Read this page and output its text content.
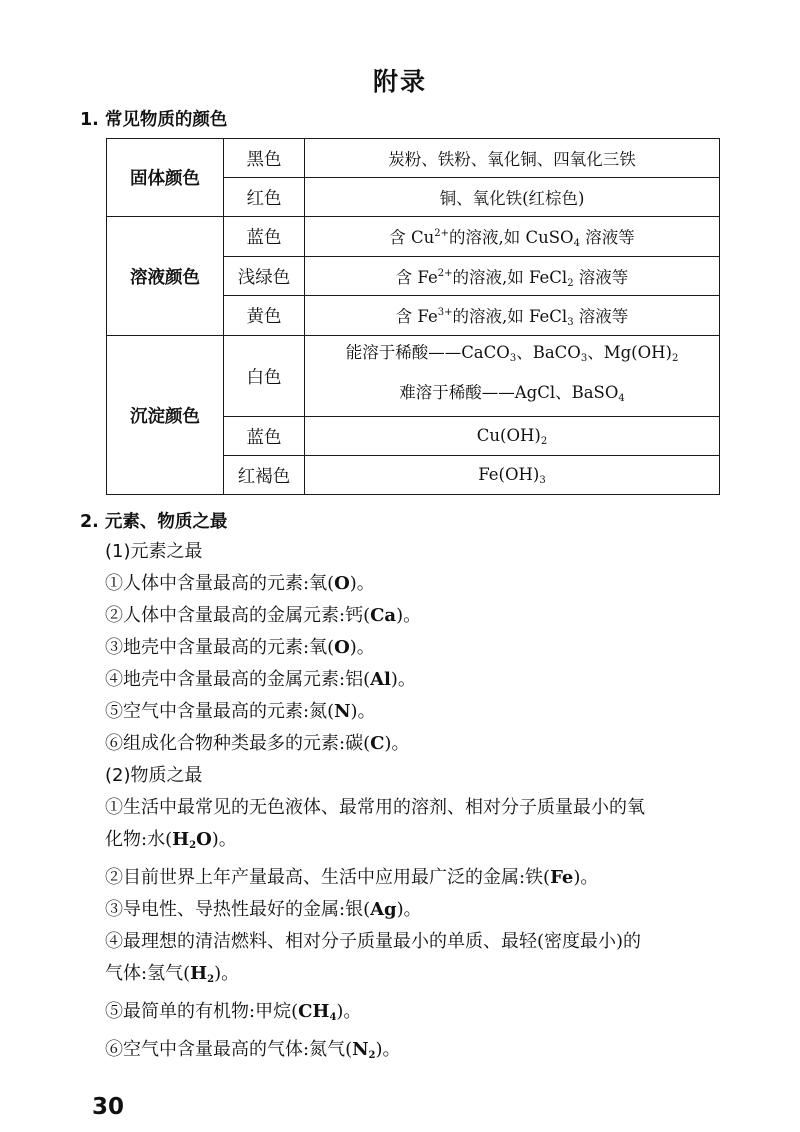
附录
1. 常见物质的颜色
固体颜色	黑色	炭粉、铁粉、氧化铜、四氧化三铁
	红色	铜、氧化铁(红棕色)
溶液颜色	蓝色	含 $Cu^{2+}$的溶液,如 CuSO$_4$ 溶液等
	浅绿色	含 $Fe^{2+}$的溶液,如 FeCl$_2$ 溶液等
	黄色	含 $Fe^{3+}$的溶液,如 FeCl$_3$ 溶液等
沉淀颜色	白色	能溶于稀酸——CaCO$_3$、BaCO$_3$、$Mg(OH)_2$
难溶于稀酸——AgCl、BaSO$_4$

	蓝色	$Cu(OH)_2$
	红褐色	$Fe(OH)_3$
2. 元素、物质之最

(1)元素之最

①人体中含量最高的元素:氧(O)。

②人体中含量最高的金属元素:钙(Ca)。

③地壳中含量最高的元素:氧(O)。

④地壳中含量最高的金属元素:铝(Al)。

⑤空气中含量最高的元素:氮(N)。

⑥组成化合物种类最多的元素:碳(C)。

(2)物质之最

①生活中最常见的无色液体、最常用的溶剂、相对分子质量最小的氧
化物:水$(H_2O)$。

②目前世界上年产量最高、生活中应用最广泛的金属:铁(Fe)。

③导电性、导热性最好的金属:银(Ag)。

④最理想的清洁燃料、相对分子质量最小的单质、最轻(密度最小)的
气体:氢气$(H_2)$。

⑤最简单的有机物:甲烷$(CH_4)$。

⑥空气中含量最高的气体:氮气$(N_2)$。

30
